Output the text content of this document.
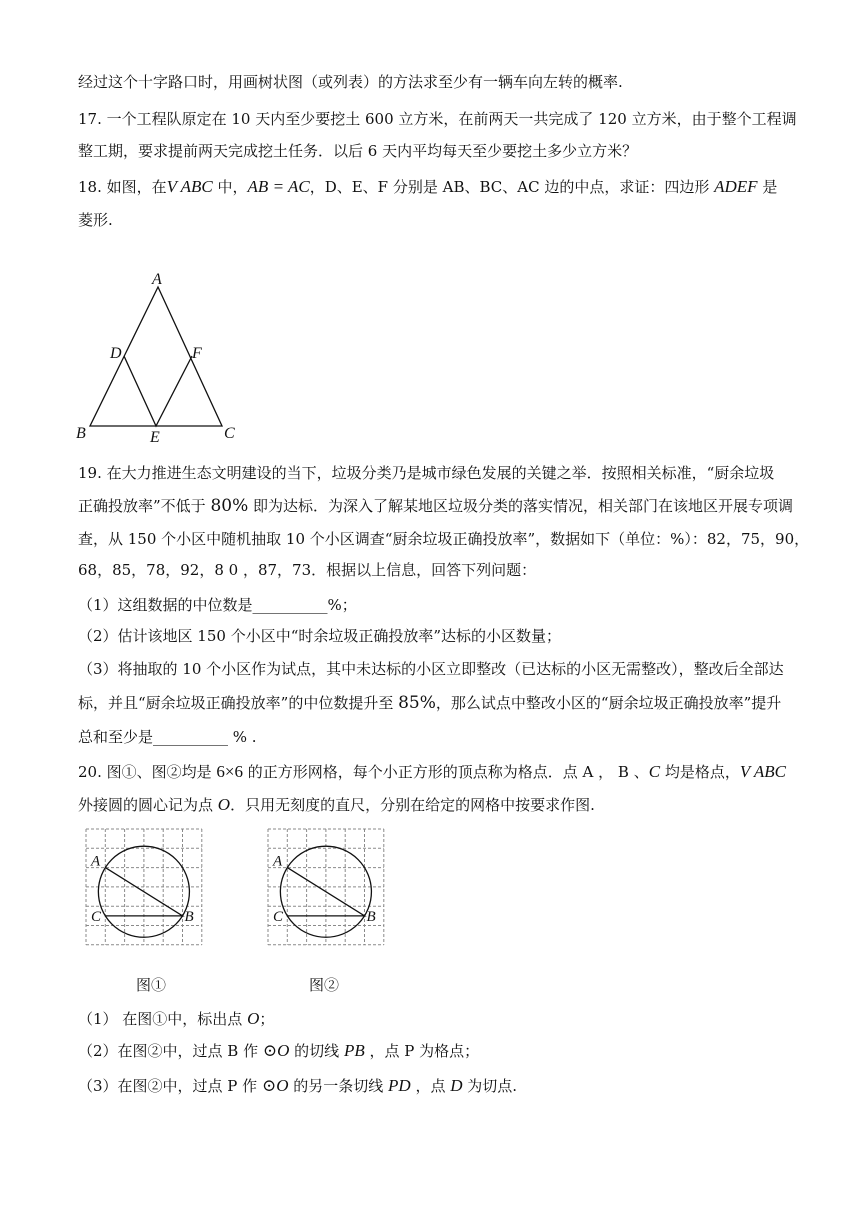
经过这个十字路口时，用画树状图（或列表）的方法求至少有一辆车向左转的概率.
17. 一个工程队原定在 10 天内至少要挖土 600 立方米，在前两天一共完成了 120 立方米，由于整个工程调
整工期，要求提前两天完成挖土任务．以后 6 天内平均每天至少要挖土多少立方米？
18. 如图，在V ABC 中，AB = AC，D、E、F 分别是 AB、BC、AC 边的中点，求证：四边形 ADEF 是
菱形.
A
D	F
B	E	C
19. 在大力推进生态文明建设的当下，垃圾分类乃是城市绿色发展的关键之举．按照相关标准，“厨余垃圾
正确投放率”不低于 80% 即为达标．为深入了解某地区垃圾分类的落实情况，相关部门在该地区开展专项调
查，从 150 个小区中随机抽取 10 个小区调查“厨余垃圾正确投放率”，数据如下（单位：%）：82，75，90，
68，85，78，92，8 0 ，87，73．根据以上信息，回答下列问题：
（1）这组数据的中位数是__________%；
（2）估计该地区 150 个小区中“时余垃圾正确投放率”达标的小区数量；
（3）将抽取的 10 个小区作为试点，其中未达标的小区立即整改（已达标的小区无需整改），整改后全部达
标，并且“厨余垃圾正确投放率”的中位数提升至 85%，那么试点中整改小区的“厨余垃圾正确投放率”提升
总和至少是__________ % .
20. 图①、图②均是 6×6 的正方形网格，每个小正方形的顶点称为格点．点 A ， B 、C 均是格点，V ABC
外接圆的圆心记为点 O．只用无刻度的直尺，分别在给定的网格中按要求作图.
A
C	B
A
C	B
图①	图②
（1） 在图①中，标出点 O；
（2）在图②中，过点 B 作 ⊙O 的切线 PB ，点 P 为格点；
（3）在图②中，过点 P 作 ⊙O 的另一条切线 PD ，点 D 为切点.
